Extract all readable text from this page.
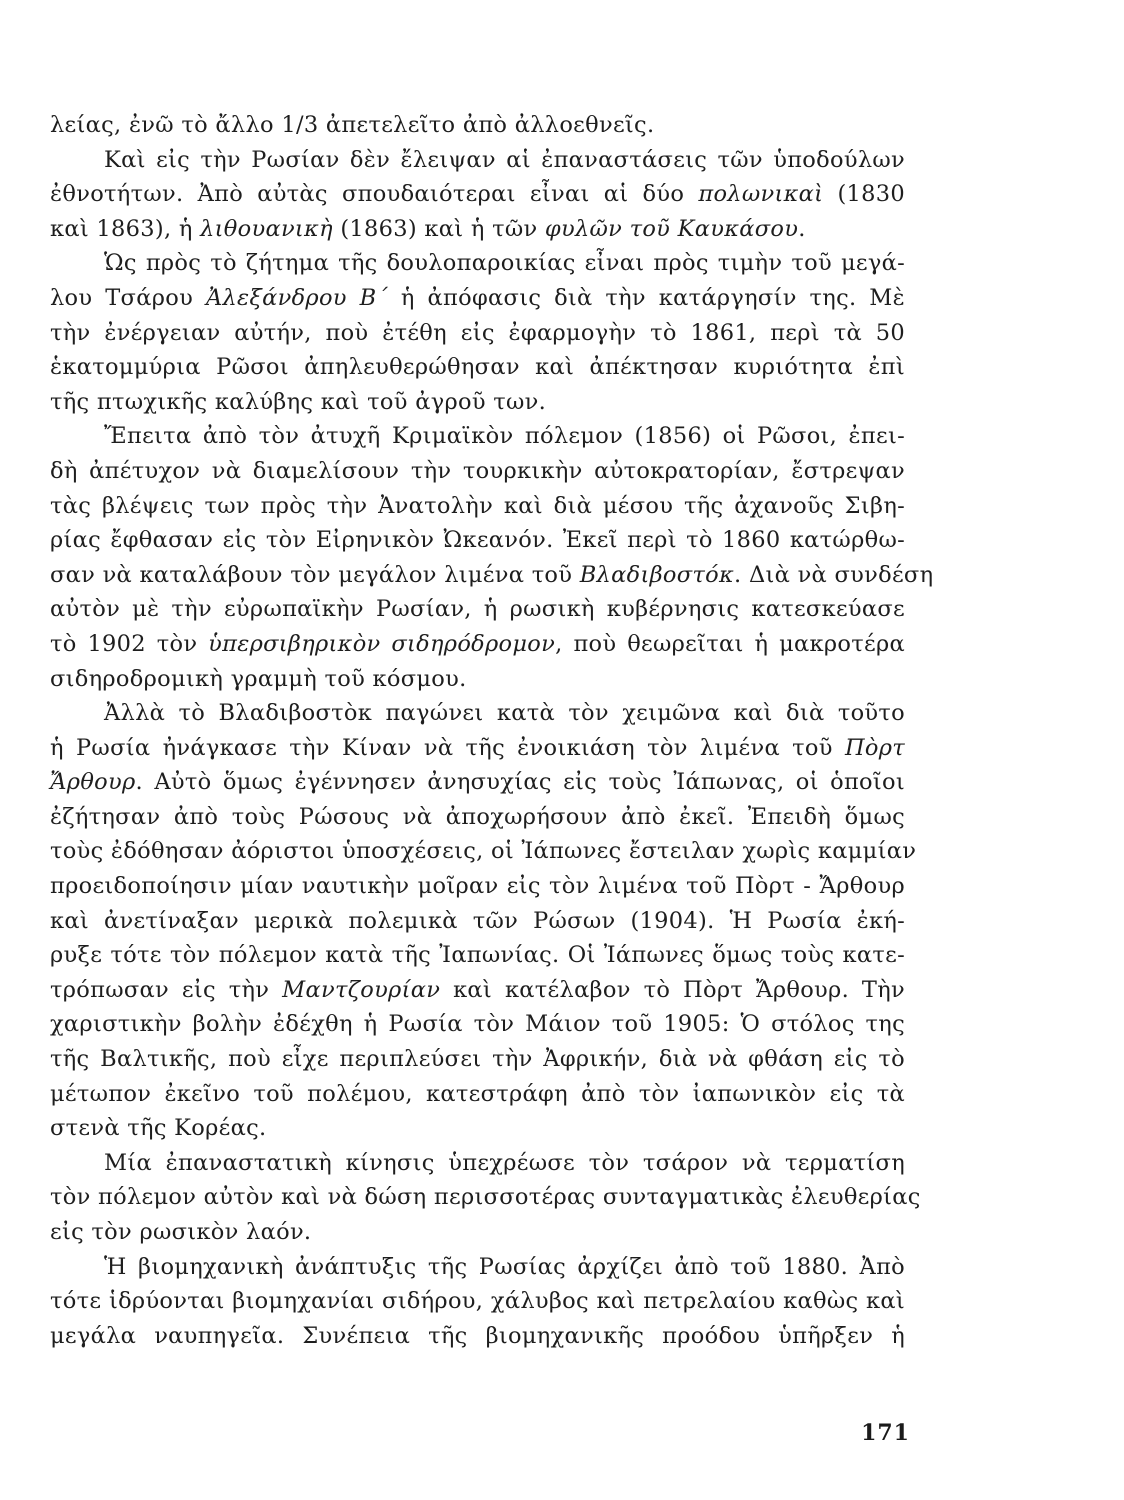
λείας, ἐνῶ τὸ ἄλλο 1/3 ἀπετελεῖτο ἀπὸ ἀλλοεθνεῖς.
Καὶ εἰς τὴν Ρωσίαν δὲν ἔλειψαν αἱ ἐπαναστάσεις τῶν ὑποδούλων
ἐθνοτήτων. Ἀπὸ αὐτὰς σπουδαιότεραι εἶναι αἱ δύο πολωνικαὶ (1830
καὶ 1863), ἡ λιθουανικὴ (1863) καὶ ἡ τῶν φυλῶν τοῦ Καυκάσου.
Ὡς πρὸς τὸ ζήτημα τῆς δουλοπαροικίας εἶναι πρὸς τιμὴν τοῦ μεγά-
λου Τσάρου Ἀλεξάνδρου Β΄ ἡ ἀπόφασις διὰ τὴν κατάργησίν της. Μὲ
τὴν ἐνέργειαν αὐτήν, ποὺ ἐτέθη εἰς ἐφαρμογὴν τὸ 1861, περὶ τὰ 50
ἑκατομμύρια Ρῶσοι ἀπηλευθερώθησαν καὶ ἀπέκτησαν κυριότητα ἐπὶ
τῆς πτωχικῆς καλύβης καὶ τοῦ ἀγροῦ των.
Ἔπειτα ἀπὸ τὸν ἀτυχῆ Κριμαϊκὸν πόλεμον (1856) οἱ Ρῶσοι, ἐπει-
δὴ ἀπέτυχον νὰ διαμελίσουν τὴν τουρκικὴν αὐτοκρατορίαν, ἔστρεψαν
τὰς βλέψεις των πρὸς τὴν Ἀνατολὴν καὶ διὰ μέσου τῆς ἀχανοῦς Σιβη-
ρίας ἔφθασαν εἰς τὸν Εἰρηνικὸν Ὠκεανόν. Ἐκεῖ περὶ τὸ 1860 κατώρθω-
σαν νὰ καταλάβουν τὸν μεγάλον λιμένα τοῦ Βλαδιβοστόκ. Διὰ νὰ συνδέση
αὐτὸν μὲ τὴν εὐρωπαϊκὴν Ρωσίαν, ἡ ρωσικὴ κυβέρνησις κατεσκεύασε
τὸ 1902 τὸν ὑπερσιβηρικὸν σιδηρόδρομον, ποὺ θεωρεῖται ἡ μακροτέρα
σιδηροδρομικὴ γραμμὴ τοῦ κόσμου.
Ἀλλὰ τὸ Βλαδιβοστὸκ παγώνει κατὰ τὸν χειμῶνα καὶ διὰ τοῦτο
ἡ Ρωσία ἠνάγκασε τὴν Κίναν νὰ τῆς ἐνοικιάση τὸν λιμένα τοῦ Πὸρτ
Ἄρθουρ. Αὐτὸ ὅμως ἐγέννησεν ἀνησυχίας εἰς τοὺς Ἰάπωνας, οἱ ὁποῖοι
ἐζήτησαν ἀπὸ τοὺς Ρώσους νὰ ἀποχωρήσουν ἀπὸ ἐκεῖ. Ἐπειδὴ ὅμως
τοὺς ἐδόθησαν ἀόριστοι ὑποσχέσεις, οἱ Ἰάπωνες ἔστειλαν χωρὶς καμμίαν
προειδοποίησιν μίαν ναυτικὴν μοῖραν εἰς τὸν λιμένα τοῦ Πὸρτ - Ἄρθουρ
καὶ ἀνετίναξαν μερικὰ πολεμικὰ τῶν Ρώσων (1904). Ἡ Ρωσία ἐκή-
ρυξε τότε τὸν πόλεμον κατὰ τῆς Ἰαπωνίας. Οἱ Ἰάπωνες ὅμως τοὺς κατε-
τρόπωσαν εἰς τὴν Μαντζουρίαν καὶ κατέλαβον τὸ Πὸρτ Ἄρθουρ. Τὴν
χαριστικὴν βολὴν ἐδέχθη ἡ Ρωσία τὸν Μάιον τοῦ 1905: Ὁ στόλος της
τῆς Βαλτικῆς, ποὺ εἶχε περιπλεύσει τὴν Ἀφρικήν, διὰ νὰ φθάση εἰς τὸ
μέτωπον ἐκεῖνο τοῦ πολέμου, κατεστράφη ἀπὸ τὸν ἰαπωνικὸν εἰς τὰ
στενὰ τῆς Κορέας.
Μία ἐπαναστατικὴ κίνησις ὑπεχρέωσε τὸν τσάρον νὰ τερματίση
τὸν πόλεμον αὐτὸν καὶ νὰ δώση περισσοτέρας συνταγματικὰς ἐλευθερίας
εἰς τὸν ρωσικὸν λαόν.
Ἡ βιομηχανικὴ ἀνάπτυξις τῆς Ρωσίας ἀρχίζει ἀπὸ τοῦ 1880. Ἀπὸ
τότε ἱδρύονται βιομηχανίαι σιδήρου, χάλυβος καὶ πετρελαίου καθὼς καὶ
μεγάλα ναυπηγεῖα. Συνέπεια τῆς βιομηχανικῆς προόδου ὑπῆρξεν ἡ
171
